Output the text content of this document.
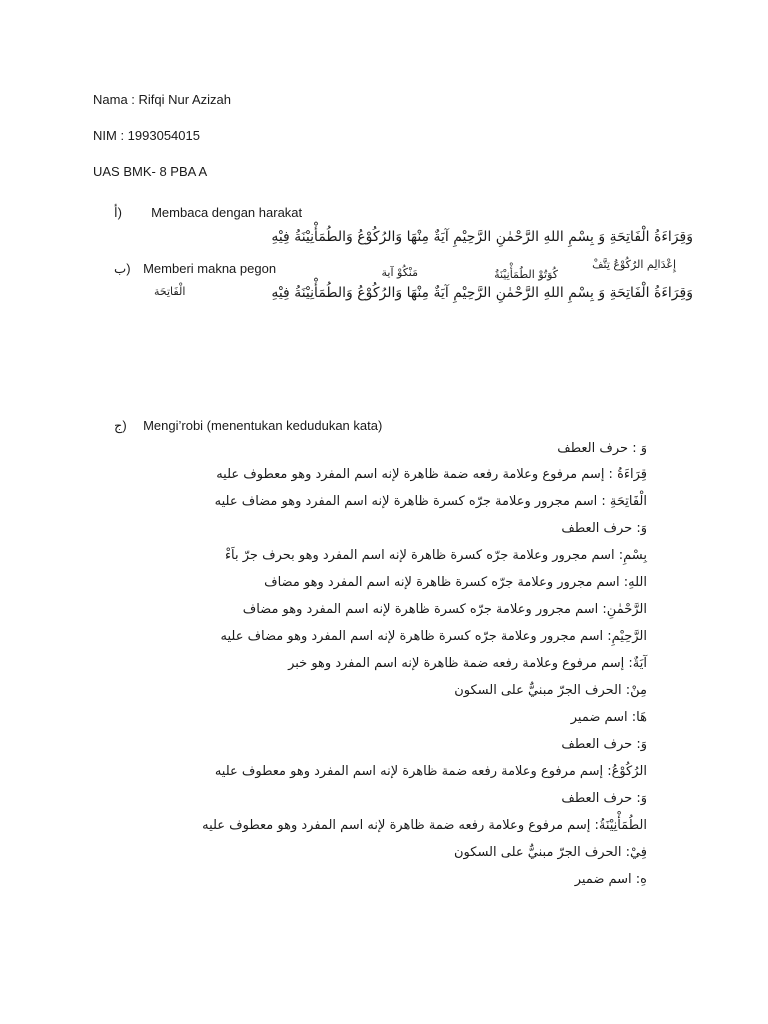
Nama : Rifqi Nur Azizah
NIM : 1993054015
UAS BMK- 8 PBA A
أ) Membaca dengan harakat
وَقِرَاءَةُ الْفَاتِحَةِ وَ بِسْمِ اللهِ الرَّحْمٰنِ الرَّحِيْمِ آيَةٌ مِنْهَا وَالرُكُوْعُ وَالطُمَأْنِيْنَةُ فِيْهِ
ب) Memberi makna pegon	إِعْدَالِم الرُكُوْعُ تِتَّفْ
كُوَتُوْ الطُمَأْنِيْنَةُ
مَنْكُوْ آية
وَقِرَاءَةُ الْفَاتِحَةِ وَ بِسْمِ اللهِ الرَّحْمٰنِ الرَّحِيْمِ آيَةٌ مِنْهَا وَالرُكُوْعُ وَالطُمَأْنِيْنَةُ فِيْهِ
الْفَاتِحَة
ج) Mengi’robi (menentukan kedudukan kata)
وَ : حرف العطف
قِرَاءَةُ : إسم مرفوع وعلامة رفعه ضمة ظاهرة لإنه اسم المفرد وهو معطوف عليه
الْفَاتِحَةِ : اسم مجرور وعلامة جرّه كسرة ظاهرة لإنه اسم المفرد وهو مضاف عليه
وَ: حرف العطف
بِسْمِ: اسم مجرور وعلامة جرّه كسرة ظاهرة لإنه اسم المفرد وهو بحرف جرّ باَءْ
اللهِ: اسم مجرور وعلامة جرّه كسرة ظاهرة لإنه اسم المفرد وهو مضاف
الرَّحْمٰنِ: اسم مجرور وعلامة جرّه كسرة ظاهرة لإنه اسم المفرد وهو مضاف
الرَّحِيْمِ: اسم مجرور وعلامة جرّه كسرة ظاهرة لإنه اسم المفرد وهو مضاف عليه
آيَةٌ: إسم مرفوع وعلامة رفعه ضمة ظاهرة لإنه اسم المفرد وهو خبر
مِنْ: الحرف الجرّ مبنيٌّ على السكون
هَا: اسم ضمير
وَ: حرف العطف
الرُكُوْعُ: إسم مرفوع وعلامة رفعه ضمة ظاهرة لإنه اسم المفرد وهو معطوف عليه
وَ: حرف العطف
الطُمَأْنِيْنَةُ: إسم مرفوع وعلامة رفعه ضمة ظاهرة لإنه اسم المفرد وهو معطوف عليه
فِيْ: الحرف الجرّ مبنيٌّ على السكون
هِ: اسم ضمير
